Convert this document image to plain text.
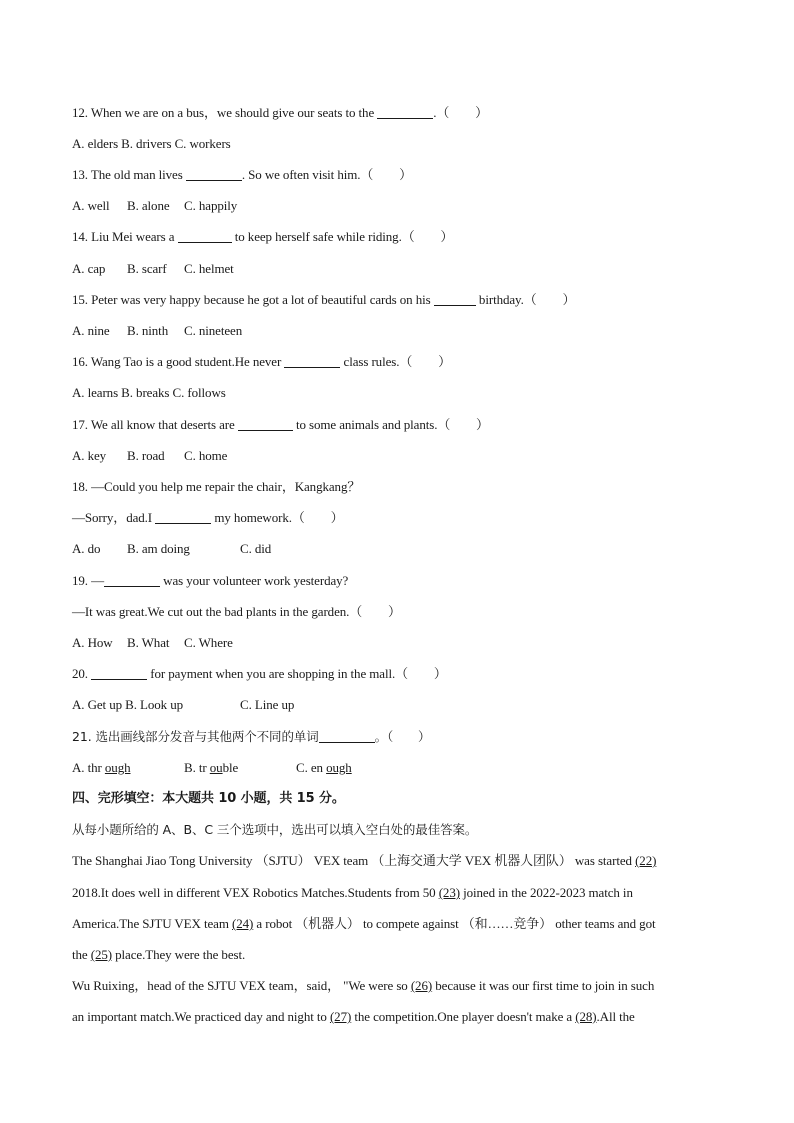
12. When we are on a bus，we should give our seats to the	.（　　）
A. elders B. drivers C. workers
13. The old man lives	. So we often visit him.（　　）
A. well B. alone C. happily
14. Liu Mei wears a	to keep herself safe while riding.（　　）
A. cap B. scarf C. helmet
15. Peter was very happy because he got a lot of beautiful cards on his	birthday.（　　）
A. nine B. ninth C. nineteen
16. Wang Tao is a good student.He never	class rules.（　　）
A. learns B. breaks C. follows
17. We all know that deserts are	to some animals and plants.（　　）
A. key B. road C. home
18. —Could you help me repair the chair，Kangkang？
—Sorry，dad.I	my homework.（　　）
A. do B. am doing	C. did
19. —	was your volunteer work yesterday?
—It was great.We cut out the bad plants in the garden.（　　）
A. How B. What C. Where
20.	for payment when you are shopping in the mall.（　　）
A. Get up B. Look up	C. Line up
21. 选出画线部分发音与其他两个不同的单词	。（　　）
A. thr ough	B. tr ouble	C. en ough
四、完形填空：本大题共 10 小题，共 15 分。
从每小题所给的 A、B、C 三个选项中，选出可以填入空白处的最佳答案。
The Shanghai Jiao Tong University （SJTU） VEX team （上海交通大学 VEX 机器人团队） was started (22)
2018.It does well in different VEX Robotics Matches.Students from 50 (23) joined in the 2022-2023 match in
America.The SJTU VEX team (24) a robot （机器人） to compete against （和……竞争） other teams and got
the (25) place.They were the best.
Wu Ruixing，head of the SJTU VEX team，said， "We were so (26) because it was our first time to join in such
an important match.We practiced day and night to (27) the competition.One player doesn't make a (28).All the
